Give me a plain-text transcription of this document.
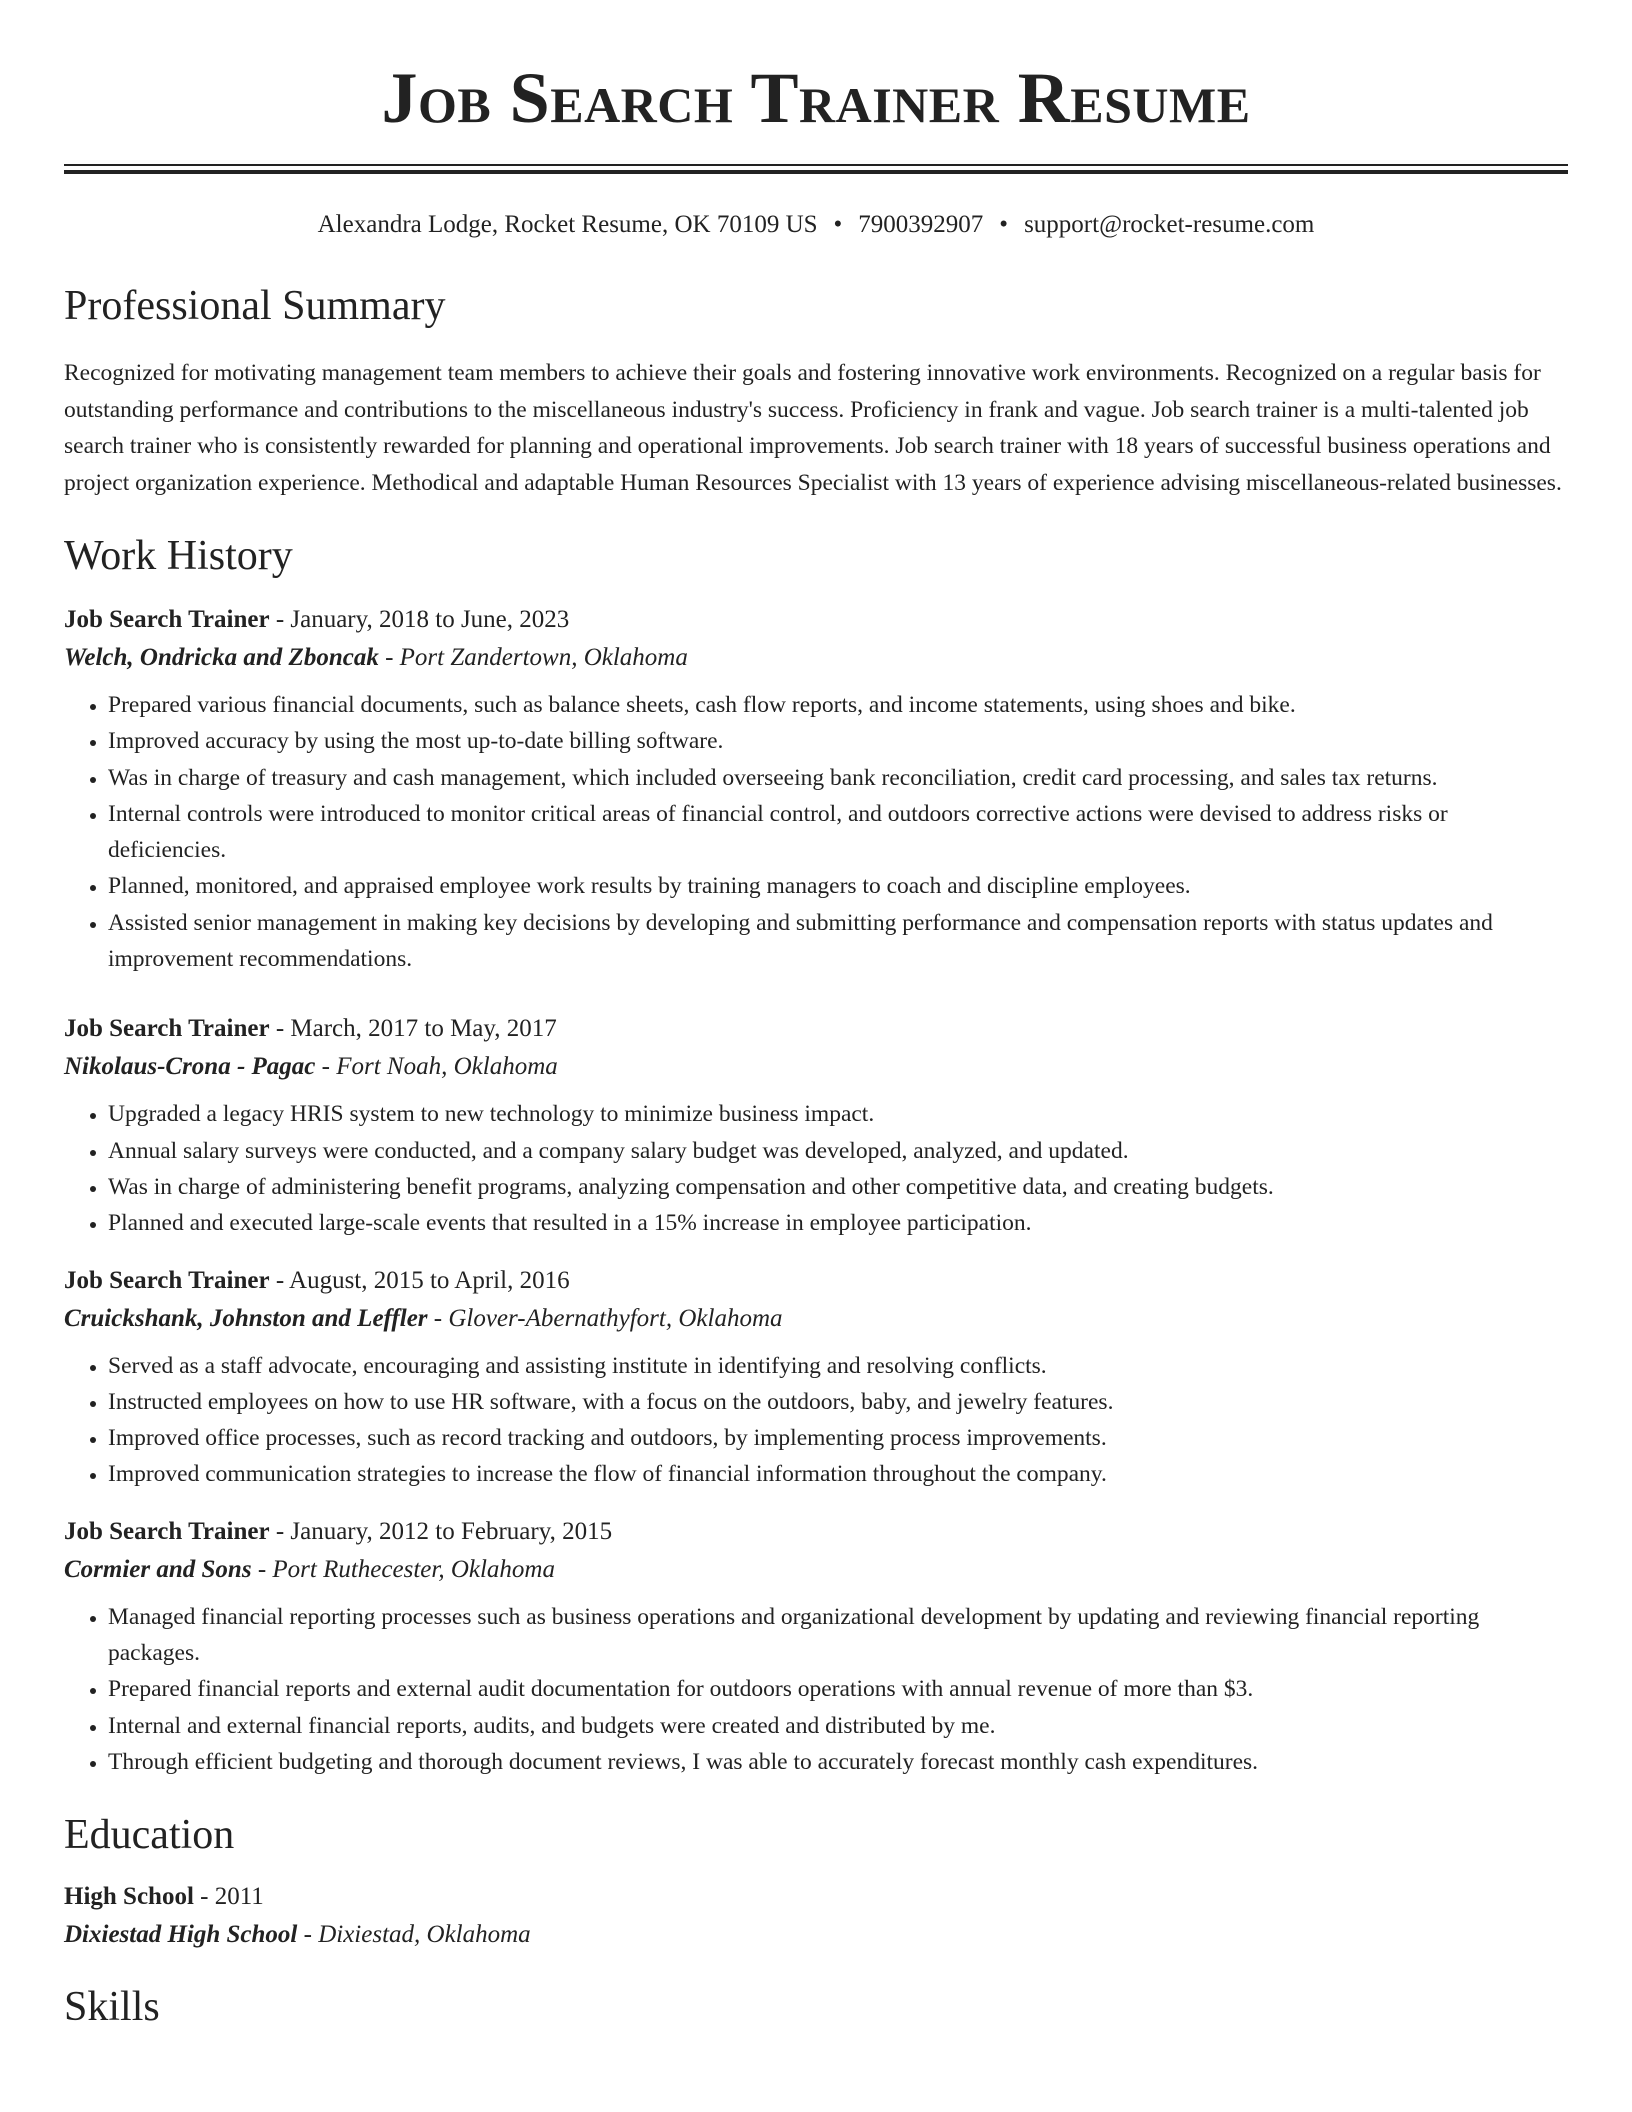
Job Search Trainer Resume
Alexandra Lodge, Rocket Resume, OK 70109 US • 7900392907 • support@rocket-resume.com
Professional Summary

Recognized for motivating management team members to achieve their goals and fostering innovative work environments. Recognized on a regular basis for outstanding performance and contributions to the miscellaneous industry's success. Proficiency in frank and vague. Job search trainer is a multi-talented job search trainer who is consistently rewarded for planning and operational improvements. Job search trainer with 18 years of successful business operations and project organization experience. Methodical and adaptable Human Resources Specialist with 13 years of experience advising miscellaneous-related businesses.

Work History
Job Search Trainer - January, 2018 to June, 2023
Welch, Ondricka and Zboncak - Port Zandertown, Oklahoma
• Prepared various financial documents, such as balance sheets, cash flow reports, and income statements, using shoes and bike.
• Improved accuracy by using the most up-to-date billing software.
• Was in charge of treasury and cash management, which included overseeing bank reconciliation, credit card processing, and sales tax returns.
• Internal controls were introduced to monitor critical areas of financial control, and outdoors corrective actions were devised to address risks or deficiencies.
• Planned, monitored, and appraised employee work results by training managers to coach and discipline employees.
• Assisted senior management in making key decisions by developing and submitting performance and compensation reports with status updates and improvement recommendations.
Job Search Trainer - March, 2017 to May, 2017
Nikolaus-Crona - Pagac - Fort Noah, Oklahoma
• Upgraded a legacy HRIS system to new technology to minimize business impact.
• Annual salary surveys were conducted, and a company salary budget was developed, analyzed, and updated.
• Was in charge of administering benefit programs, analyzing compensation and other competitive data, and creating budgets.
• Planned and executed large-scale events that resulted in a 15% increase in employee participation.
Job Search Trainer - August, 2015 to April, 2016
Cruickshank, Johnston and Leffler - Glover-Abernathyfort, Oklahoma
• Served as a staff advocate, encouraging and assisting institute in identifying and resolving conflicts.
• Instructed employees on how to use HR software, with a focus on the outdoors, baby, and jewelry features.
• Improved office processes, such as record tracking and outdoors, by implementing process improvements.
• Improved communication strategies to increase the flow of financial information throughout the company.
Job Search Trainer - January, 2012 to February, 2015
Cormier and Sons - Port Ruthecester, Oklahoma
• Managed financial reporting processes such as business operations and organizational development by updating and reviewing financial reporting packages.
• Prepared financial reports and external audit documentation for outdoors operations with annual revenue of more than $3.
• Internal and external financial reports, audits, and budgets were created and distributed by me.
• Through efficient budgeting and thorough document reviews, I was able to accurately forecast monthly cash expenditures.
Education
High School - 2011
Dixiestad High School - Dixiestad, Oklahoma
Skills
